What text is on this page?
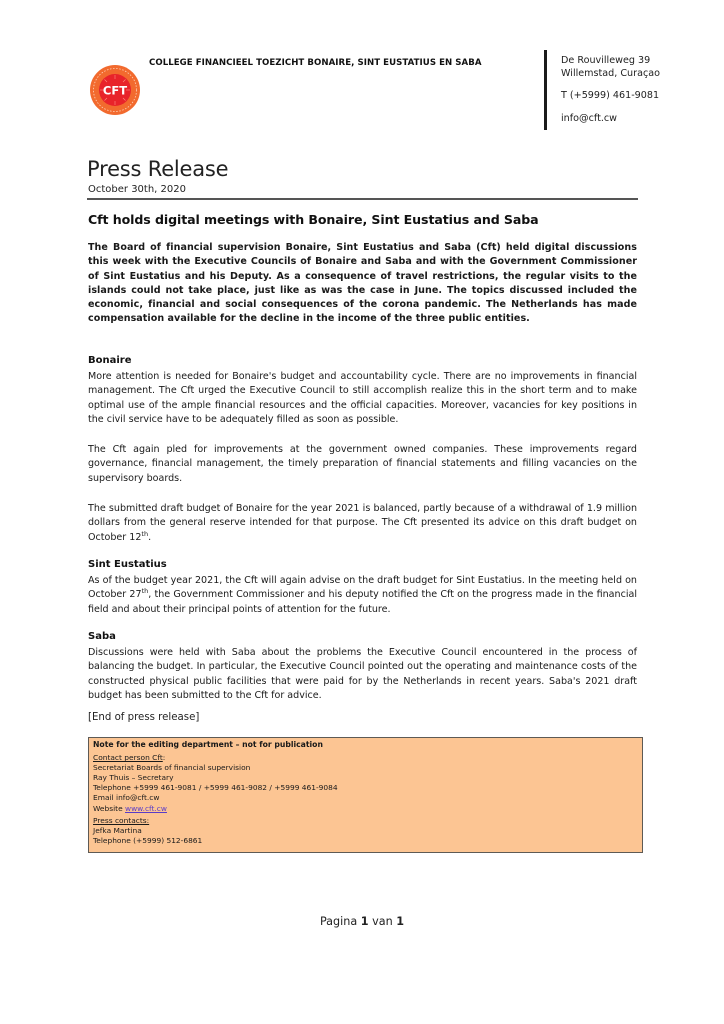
CFT
COLLEGE FINANCIEEL TOEZICHT BONAIRE, SINT EUSTATIUS EN SABA	De Rouvilleweg 39
Willemstad, Curaçao
T (+5999) 461-9081
info@cft.cw
Press Release
October 30th, 2020
Cft holds digital meetings with Bonaire, Sint Eustatius and Saba
The Board of financial supervision Bonaire, Sint Eustatius and Saba (Cft) held digital discussions this week with the Executive Councils of Bonaire and Saba and with the Government Commissioner of Sint Eustatius and his Deputy. As a consequence of travel restrictions, the regular visits to the islands could not take place, just like as was the case in June. The topics discussed included the economic, financial and social consequences of the corona pandemic. The Netherlands has made compensation available for the decline in the income of the three public entities.
Bonaire
More attention is needed for Bonaire's budget and accountability cycle. There are no improvements in financial management. The Cft urged the Executive Council to still accomplish realize this in the short term and to make optimal use of the ample financial resources and the official capacities. Moreover, vacancies for key positions in the civil service have to be adequately filled as soon as possible.
The Cft again pled for improvements at the government owned companies. These improvements regard governance, financial management, the timely preparation of financial statements and filling vacancies on the supervisory boards.
The submitted draft budget of Bonaire for the year 2021 is balanced, partly because of a withdrawal of 1.9 million dollars from the general reserve intended for that purpose. The Cft presented its advice on this draft budget on October 12th.
Sint Eustatius
As of the budget year 2021, the Cft will again advise on the draft budget for Sint Eustatius. In the meeting held on October 27th, the Government Commissioner and his deputy notified the Cft on the progress made in the financial field and about their principal points of attention for the future.
Saba
Discussions were held with Saba about the problems the Executive Council encountered in the process of balancing the budget. In particular, the Executive Council pointed out the operating and maintenance costs of the constructed physical public facilities that were paid for by the Netherlands in recent years. Saba's 2021 draft budget has been submitted to the Cft for advice.
[End of press release]
Note for the editing department – not for publication
Contact person Cft:
Secretariat Boards of financial supervision
Ray Thuis – Secretary
Telephone +5999 461-9081 / +5999 461-9082 / +5999 461-9084
Email info@cft.cw
Website www.cft.cw
Press contacts:
Jefka Martina
Telephone (+5999) 512-6861
Pagina 1 van 1
